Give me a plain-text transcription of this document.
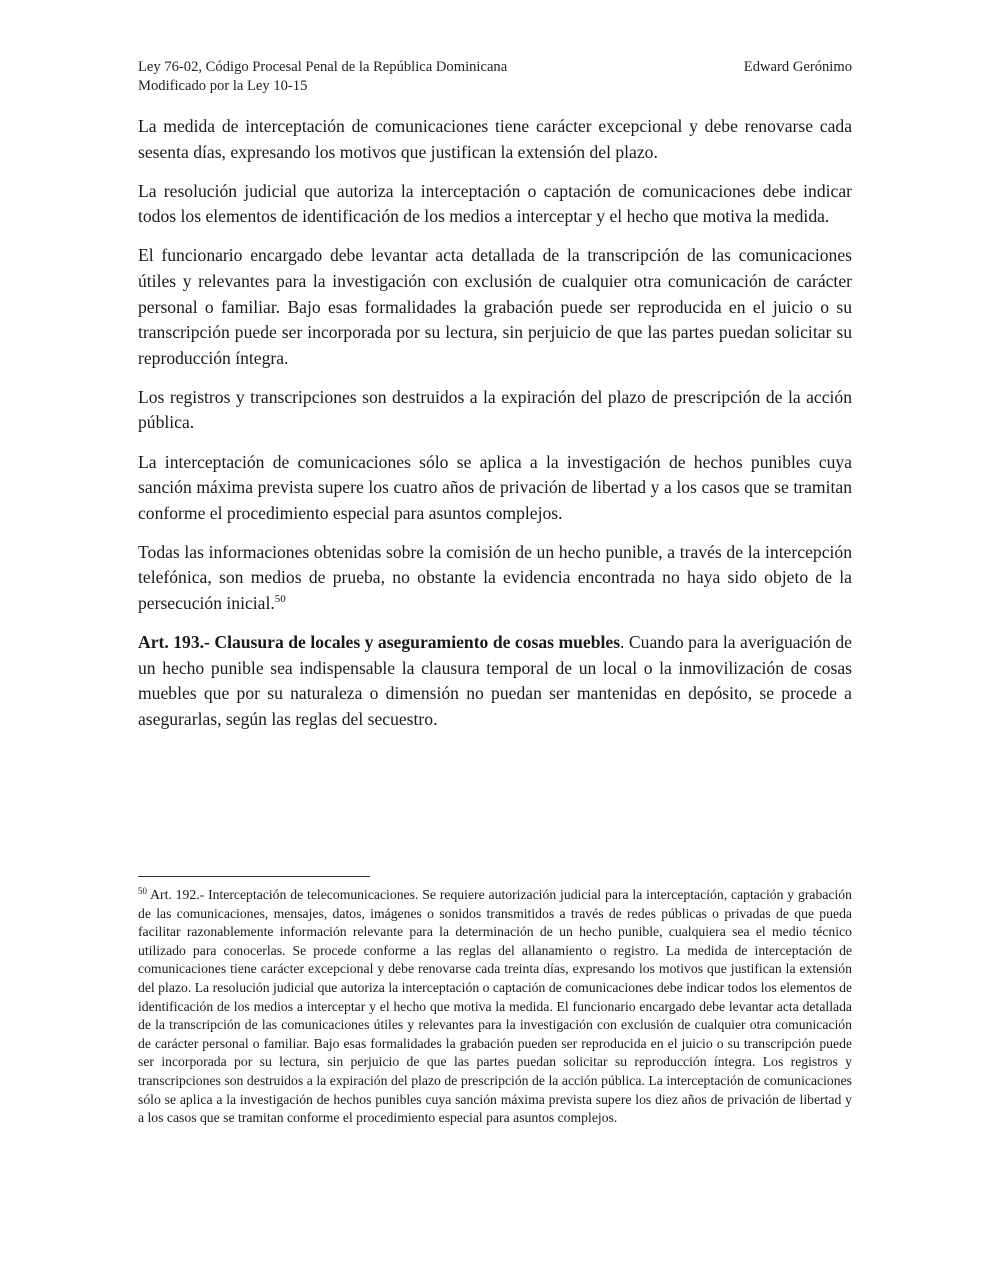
Ley 76-02, Código Procesal Penal de la República Dominicana
Modificado por la Ley 10-15
Edward Gerónimo

La medida de interceptación de comunicaciones tiene carácter excepcional y debe renovarse cada sesenta días, expresando los motivos que justifican la extensión del plazo.

La resolución judicial que autoriza la interceptación o captación de comunicaciones debe indicar todos los elementos de identificación de los medios a interceptar y el hecho que motiva la medida.

El funcionario encargado debe levantar acta detallada de la transcripción de las comunicaciones útiles y relevantes para la investigación con exclusión de cualquier otra comunicación de carácter personal o familiar. Bajo esas formalidades la grabación puede ser reproducida en el juicio o su transcripción puede ser incorporada por su lectura, sin perjuicio de que las partes puedan solicitar su reproducción íntegra.

Los registros y transcripciones son destruidos a la expiración del plazo de prescripción de la acción pública.

La interceptación de comunicaciones sólo se aplica a la investigación de hechos punibles cuya sanción máxima prevista supere los cuatro años de privación de libertad y a los casos que se tramitan conforme el procedimiento especial para asuntos complejos.

Todas las informaciones obtenidas sobre la comisión de un hecho punible, a través de la intercepción telefónica, son medios de prueba, no obstante la evidencia encontrada no haya sido objeto de la persecución inicial.$^{50}$

Art. 193.- Clausura de locales y aseguramiento de cosas muebles. Cuando para la averiguación de un hecho punible sea indispensable la clausura temporal de un local o la inmovilización de cosas muebles que por su naturaleza o dimensión no puedan ser mantenidas en depósito, se procede a asegurarlas, según las reglas del secuestro.

$^{50}$ Art. 192.- Interceptación de telecomunicaciones. Se requiere autorización judicial para la interceptación, captación y grabación de las comunicaciones, mensajes, datos, imágenes o sonidos transmitidos a través de redes públicas o privadas de que pueda facilitar razonablemente información relevante para la determinación de un hecho punible, cualquiera sea el medio técnico utilizado para conocerlas. Se procede conforme a las reglas del allanamiento o registro. La medida de interceptación de comunicaciones tiene carácter excepcional y debe renovarse cada treinta días, expresando los motivos que justifican la extensión del plazo. La resolución judicial que autoriza la interceptación o captación de comunicaciones debe indicar todos los elementos de identificación de los medios a interceptar y el hecho que motiva la medida. El funcionario encargado debe levantar acta detallada de la transcripción de las comunicaciones útiles y relevantes para la investigación con exclusión de cualquier otra comunicación de carácter personal o familiar. Bajo esas formalidades la grabación pueden ser reproducida en el juicio o su transcripción puede ser incorporada por su lectura, sin perjuicio de que las partes puedan solicitar su reproducción íntegra. Los registros y transcripciones son destruidos a la expiración del plazo de prescripción de la acción pública. La interceptación de comunicaciones sólo se aplica a la investigación de hechos punibles cuya sanción máxima prevista supere los diez años de privación de libertad y a los casos que se tramitan conforme el procedimiento especial para asuntos complejos.
